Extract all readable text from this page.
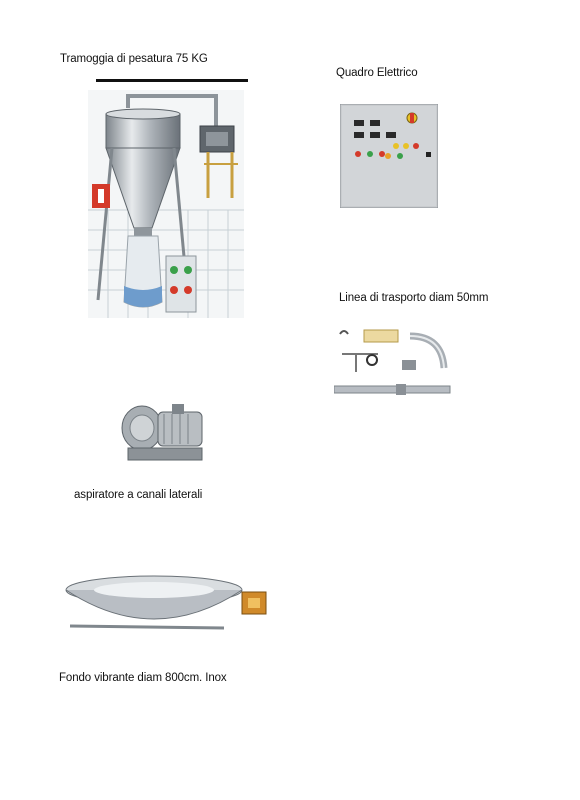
Tramoggia di pesatura 75 KG
Quadro Elettrico
Linea di trasporto diam 50mm
aspiratore a canali laterali
Fondo vibrante diam 800cm. Inox
